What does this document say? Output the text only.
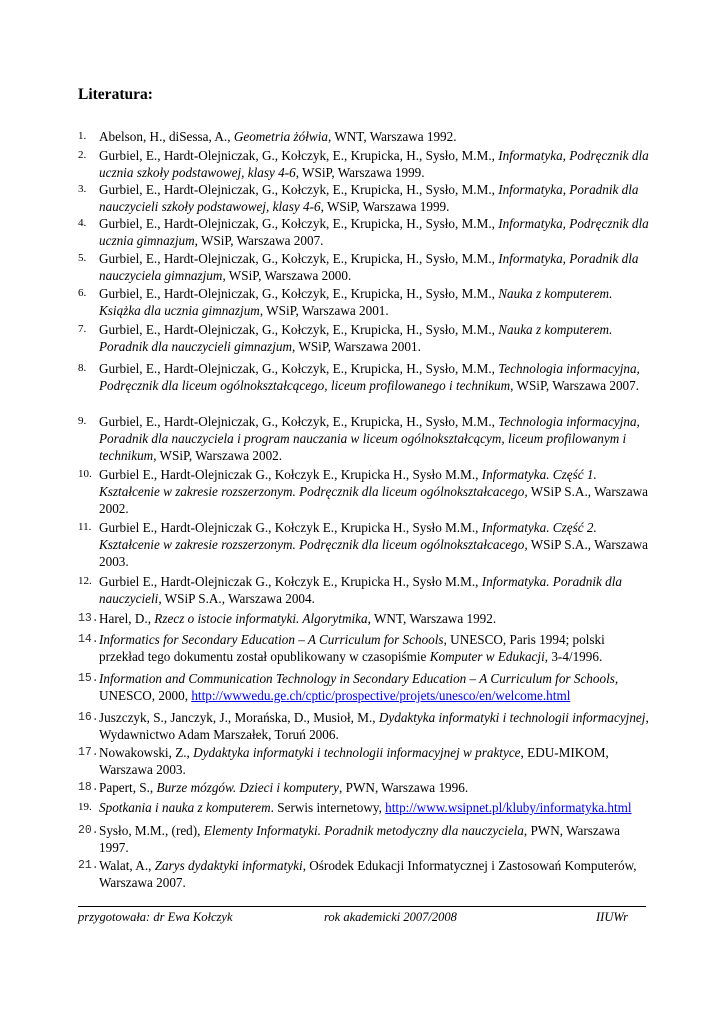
Literatura:
1. Abelson, H., diSessa, A., Geometria żółwia, WNT, Warszawa 1992.
2. Gurbiel, E., Hardt-Olejniczak, G., Kołczyk, E., Krupicka, H., Sysło, M.M., Informatyka, Podręcznik dla ucznia szkoły podstawowej, klasy 4-6, WSiP, Warszawa 1999.
3. Gurbiel, E., Hardt-Olejniczak, G., Kołczyk, E., Krupicka, H., Sysło, M.M., Informatyka, Poradnik dla nauczycieli szkoły podstawowej, klasy 4-6, WSiP, Warszawa 1999.
4. Gurbiel, E., Hardt-Olejniczak, G., Kołczyk, E., Krupicka, H., Sysło, M.M., Informatyka, Podręcznik dla ucznia gimnazjum, WSiP, Warszawa 2007.
5. Gurbiel, E., Hardt-Olejniczak, G., Kołczyk, E., Krupicka, H., Sysło, M.M., Informatyka, Poradnik dla nauczyciela gimnazjum, WSiP, Warszawa 2000.
6. Gurbiel, E., Hardt-Olejniczak, G., Kołczyk, E., Krupicka, H., Sysło, M.M., Nauka z komputerem. Książka dla ucznia gimnazjum, WSiP, Warszawa 2001.
7. Gurbiel, E., Hardt-Olejniczak, G., Kołczyk, E., Krupicka, H., Sysło, M.M., Nauka z komputerem. Poradnik dla nauczycieli gimnazjum, WSiP, Warszawa 2001.
8. Gurbiel, E., Hardt-Olejniczak, G., Kołczyk, E., Krupicka, H., Sysło, M.M., Technologia informacyjna, Podręcznik dla liceum ogólnokształcącego, liceum profilowanego i technikum, WSiP, Warszawa 2007.
9. Gurbiel, E., Hardt-Olejniczak, G., Kołczyk, E., Krupicka, H., Sysło, M.M., Technologia informacyjna, Poradnik dla nauczyciela i program nauczania w liceum ogólnokształcącym, liceum profilowanym i technikum, WSiP, Warszawa 2002.
10. Gurbiel E., Hardt-Olejniczak G., Kołczyk E., Krupicka H., Sysło M.M., Informatyka. Część 1. Kształcenie w zakresie rozszerzonym. Podręcznik dla liceum ogólnokształcacego, WSiP S.A., Warszawa 2002.
11. Gurbiel E., Hardt-Olejniczak G., Kołczyk E., Krupicka H., Sysło M.M., Informatyka. Część 2. Kształcenie w zakresie rozszerzonym. Podręcznik dla liceum ogólnokształcacego, WSiP S.A., Warszawa 2003.
12. Gurbiel E., Hardt-Olejniczak G., Kołczyk E., Krupicka H., Sysło M.M., Informatyka. Poradnik dla nauczycieli, WSiP S.A., Warszawa 2004.
13. Harel, D., Rzecz o istocie informatyki. Algorytmika, WNT, Warszawa 1992.
14. Informatics for Secondary Education – A Curriculum for Schools, UNESCO, Paris 1994; polski przekład tego dokumentu został opublikowany w czasopiśmie Komputer w Edukacji, 3-4/1996.
15. Information and Communication Technology in Secondary Education – A Curriculum for Schools, UNESCO, 2000, http://wwwedu.ge.ch/cptic/prospective/projets/unesco/en/welcome.html
16. Juszczyk, S., Janczyk, J., Morańska, D., Musioł, M., Dydaktyka informatyki i technologii informacyjnej, Wydawnictwo Adam Marszałek, Toruń 2006.
17. Nowakowski, Z., Dydaktyka informatyki i technologii informacyjnej w praktyce, EDU-MIKOM, Warszawa 2003.
18. Papert, S., Burze mózgów. Dzieci i komputery, PWN, Warszawa 1996.
19. Spotkania i nauka z komputerem. Serwis internetowy, http://www.wsipnet.pl/kluby/informatyka.html
20. Sysło, M.M., (red), Elementy Informatyki. Poradnik metodyczny dla nauczyciela, PWN, Warszawa 1997.
21. Walat, A., Zarys dydaktyki informatyki, Ośrodek Edukacji Informatycznej i Zastosowań Komputerów, Warszawa 2007.
przygotowała: dr Ewa Kołczyk	rok akademicki 2007/2008	IIUWr
